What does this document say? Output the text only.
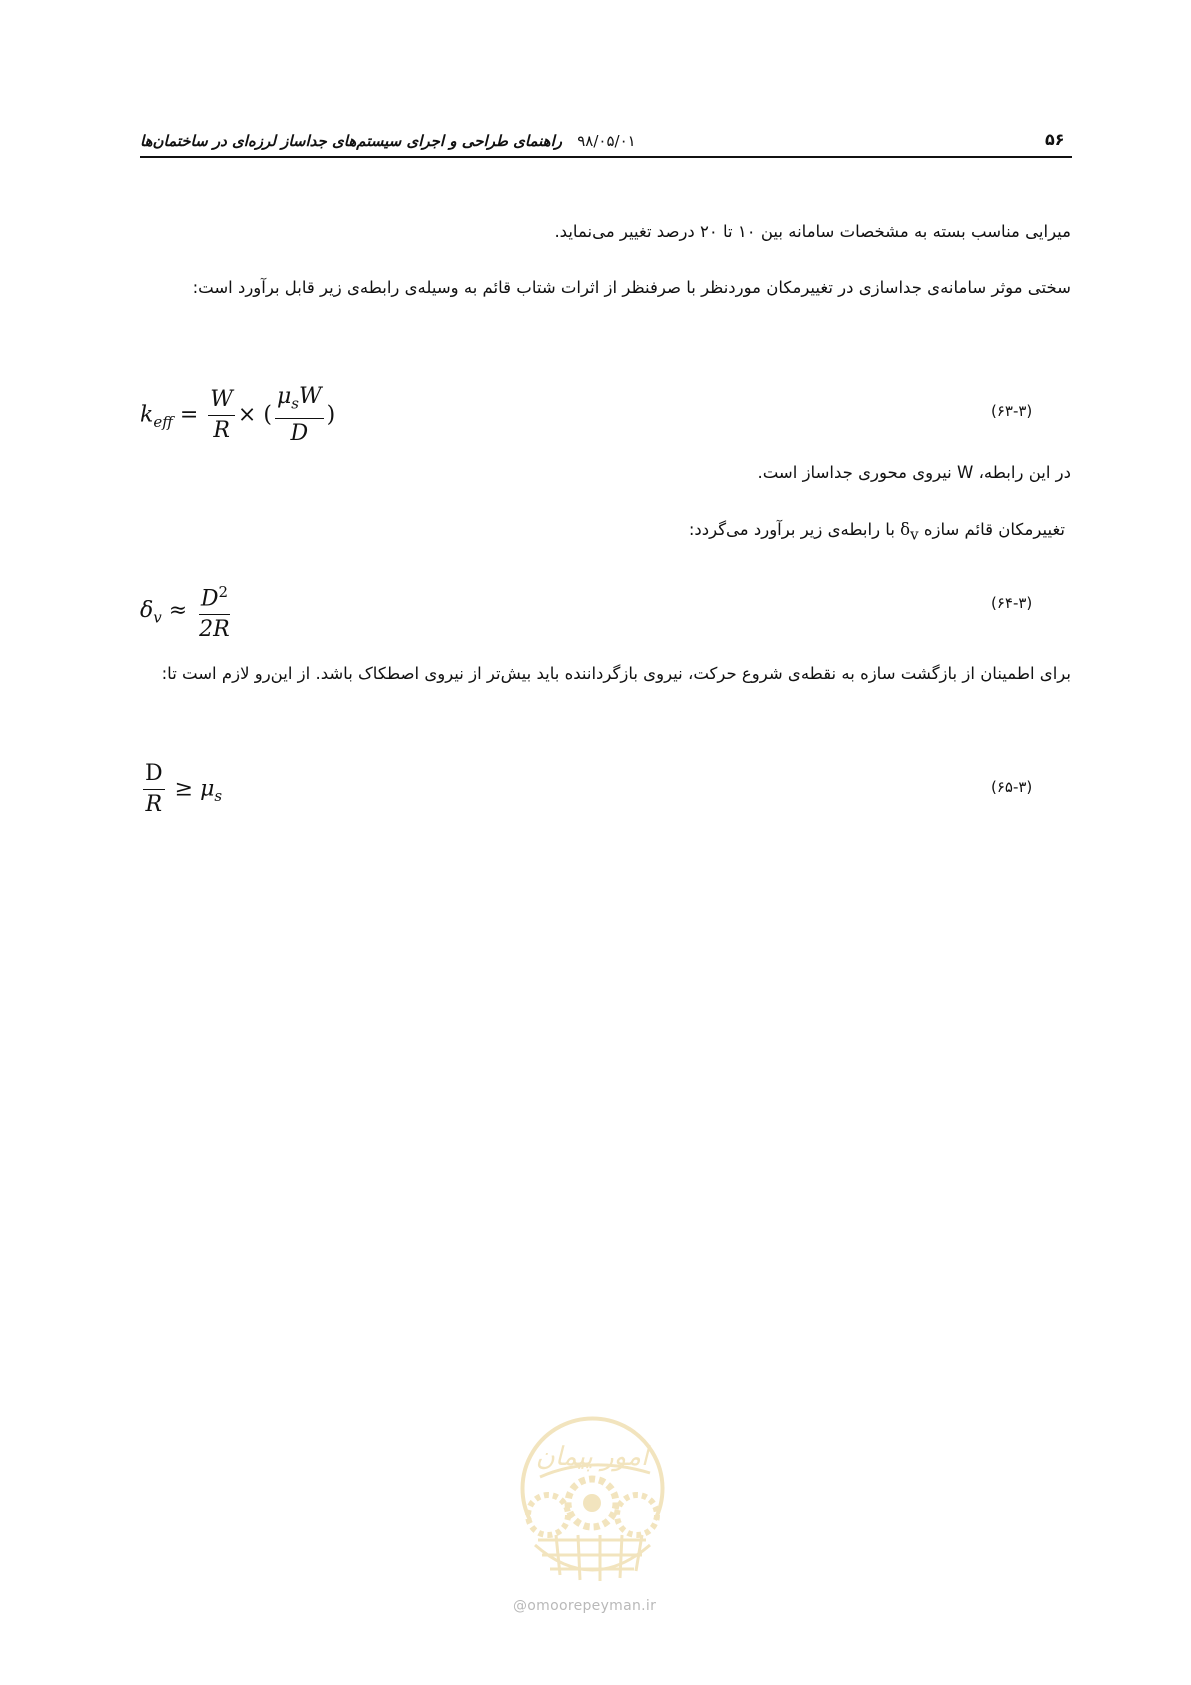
۹۸/۰۵/۰۱ راهنمای طراحی و اجرای سیستم‌های جداساز لرزه‌ای در ساختمان‌ها	۵۶
میرایی مناسب بسته به مشخصات سامانه بین ۱۰ تا ۲۰ درصد تغییر می‌نماید.
سختی موثر سامانه‌ی جداسازی در تغییرمکان موردنظر با صرفنظر از اثرات شتاب قائم به وسیله‌ی رابطه‌ی زیر قابل برآورد است:
$k_{eff} = \frac{W}{R}$ × ( $\frac{\mu_sW}{D}$ )	(۶۳-۳)
در این رابطه، W نیروی محوری جداساز است.
تغییرمکان قائم سازه $\delta_v$ با رابطه‌ی زیر برآورد می‌گردد:
$\delta_v \approx \frac{D^2}{2R}$	(۶۴-۳)
برای اطمینان از بازگشت سازه به نقطه‌ی شروع حرکت، نیروی بازگرداننده باید بیش‌تر از نیروی اصطکاک باشد. از این‌رو لازم است تا:
$\frac{D}{R} \ge \mu_s$	(۶۵-۳)
امور پیمان
@omoorepeyman.ir
